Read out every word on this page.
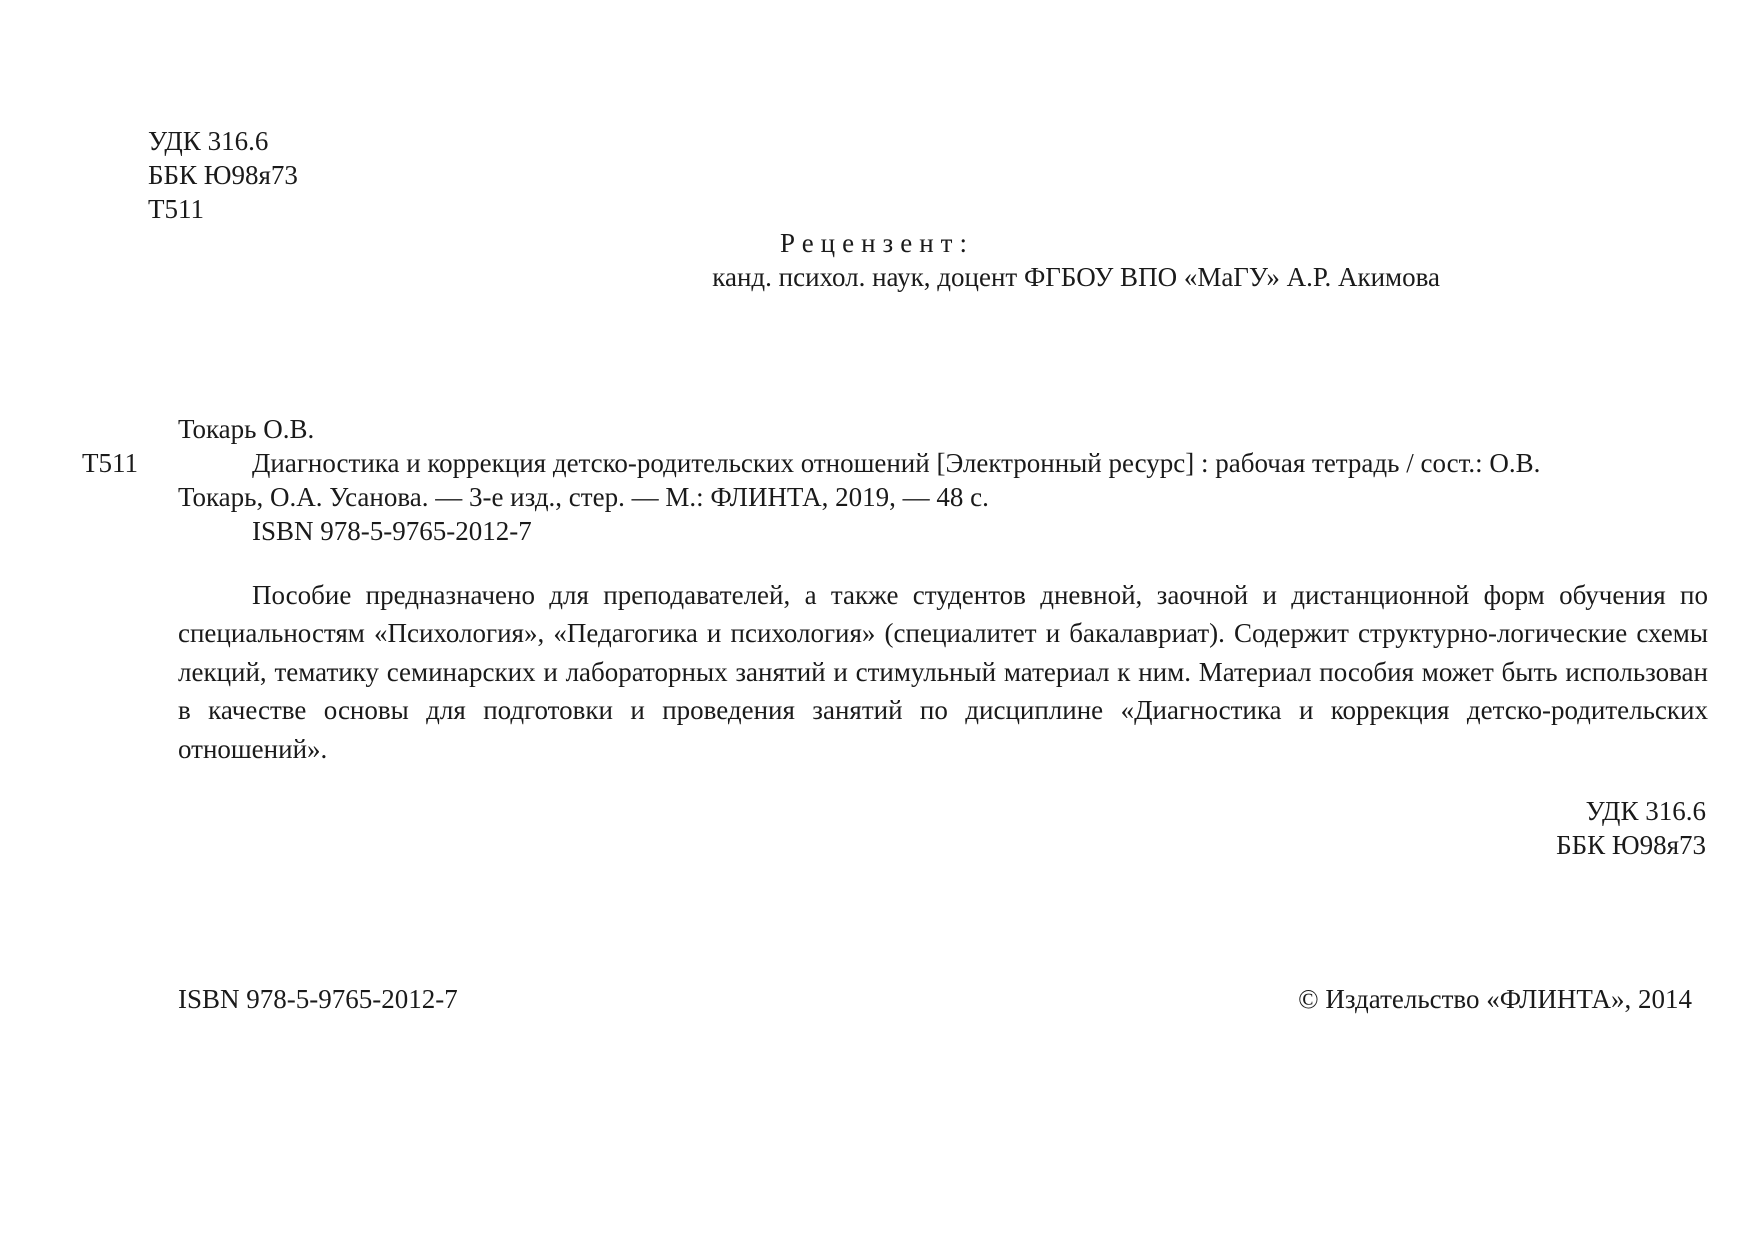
УДК 316.6
ББК Ю98я73
Т511
Рецензент:
канд. психол. наук, доцент ФГБОУ ВПО «МаГУ» А.Р. Акимова
Т511
Токарь О.В.
Диагностика и коррекция детско-родительских отношений [Электронный ресурс] : рабочая тетрадь / сост.: О.В.
Токарь, О.А. Усанова. — 3-е изд., стер. — М.: ФЛИНТА, 2019, — 48 с.
ISBN 978-5-9765-2012-7
Пособие предназначено для преподавателей, а также студентов дневной, заочной и дистанционной форм обучения по специальностям «Психология», «Педагогика и психология» (специалитет и бакалавриат). Содержит структурно-логические схемы лекций, тематику семинарских и лабораторных занятий и стимульный материал к ним. Материал пособия может быть использован в качестве основы для подготовки и проведения занятий по дисциплине «Диагностика и коррекция детско-родительских отношений».
УДК 316.6
ББК Ю98я73
ISBN 978-5-9765-2012-7	© Издательство «ФЛИНТА», 2014
